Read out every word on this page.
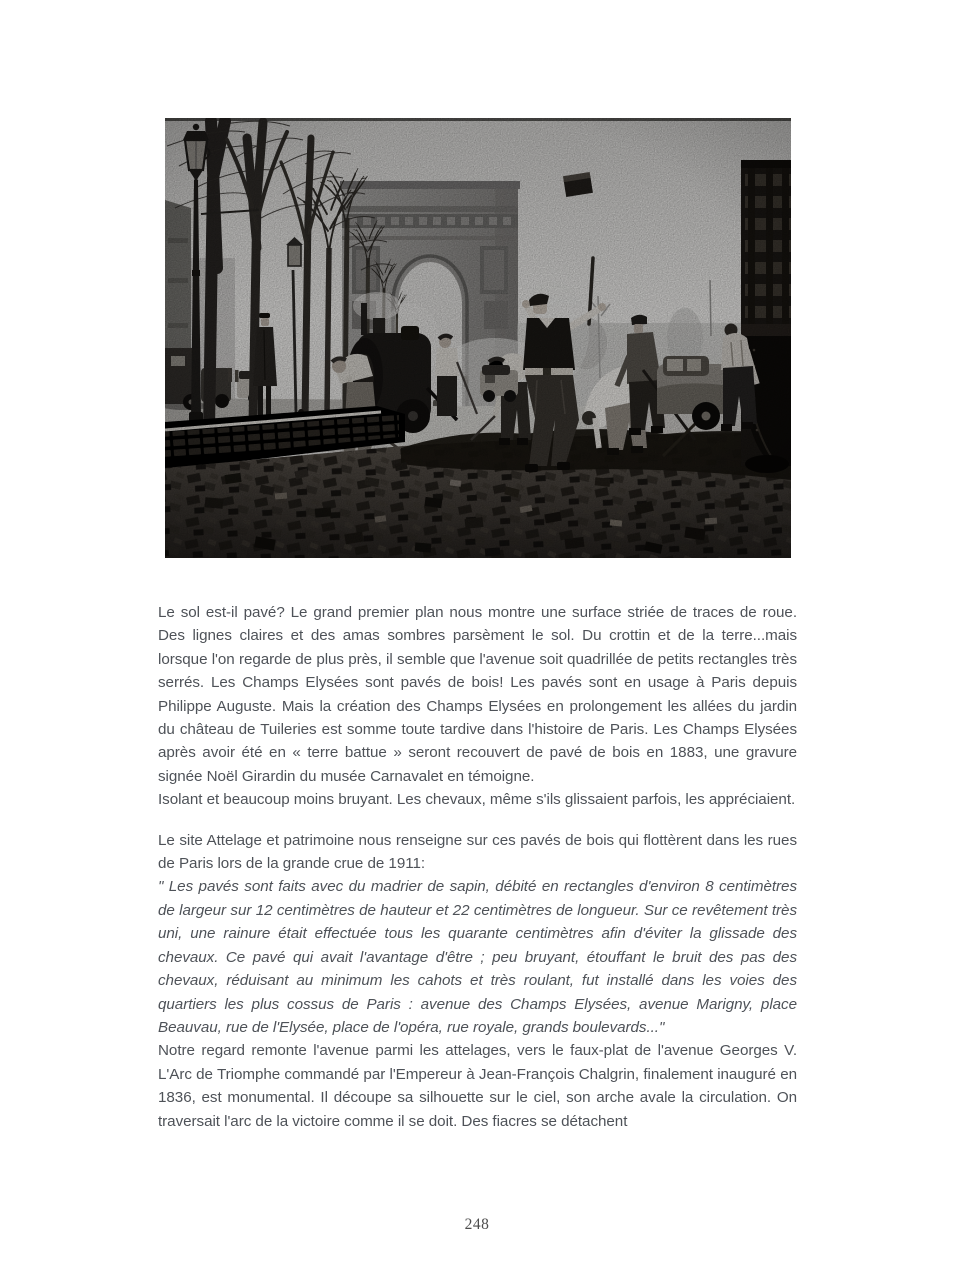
Le sol est-il pavé? Le grand premier plan nous montre une surface striée de traces de roue. Des lignes claires et des amas sombres parsèment le sol. Du crottin et de la terre...mais lorsque l'on regarde de plus près, il semble que l'avenue soit quadrillée de petits rectangles très serrés. Les Champs Elysées sont pavés de bois! Les pavés sont en usage à Paris depuis Philippe Auguste. Mais la création des Champs Elysées en prolongement les allées du jardin du château de Tuileries est somme toute tardive dans l'histoire de Paris. Les Champs Elysées après avoir été en « terre battue » seront recouvert de pavé de bois en 1883, une gravure signée Noël Girardin du musée Carnavalet en témoigne.

Isolant et beaucoup moins bruyant. Les chevaux, même s'ils glissaient parfois, les appréciaient.

Le site Attelage et patrimoine nous renseigne sur ces pavés de bois qui flottèrent dans les rues de Paris lors de la grande crue de 1911:

" Les pavés sont faits avec du madrier de sapin, débité en rectangles d'environ 8 centimètres de largeur sur 12 centimètres de hauteur et 22 centimètres de longueur. Sur ce revêtement très uni, une rainure était effectuée tous les quarante centimètres afin d'éviter la glissade des chevaux. Ce pavé qui avait l'avantage d'être ; peu bruyant, étouffant le bruit des pas des chevaux, réduisant au minimum les cahots et très roulant, fut installé dans les voies des quartiers les plus cossus de Paris : avenue des Champs Elysées, avenue Marigny, place Beauvau, rue de l'Elysée, place de l'opéra, rue royale, grands boulevards..."

Notre regard remonte l'avenue parmi les attelages, vers le faux-plat de l'avenue Georges V. L'Arc de Triomphe commandé par l'Empereur à Jean-François Chalgrin, finalement inauguré en 1836, est monumental. Il découpe sa silhouette sur le ciel, son arche avale la circulation. On traversait l'arc de la victoire comme il se doit. Des fiacres se détachent

248
